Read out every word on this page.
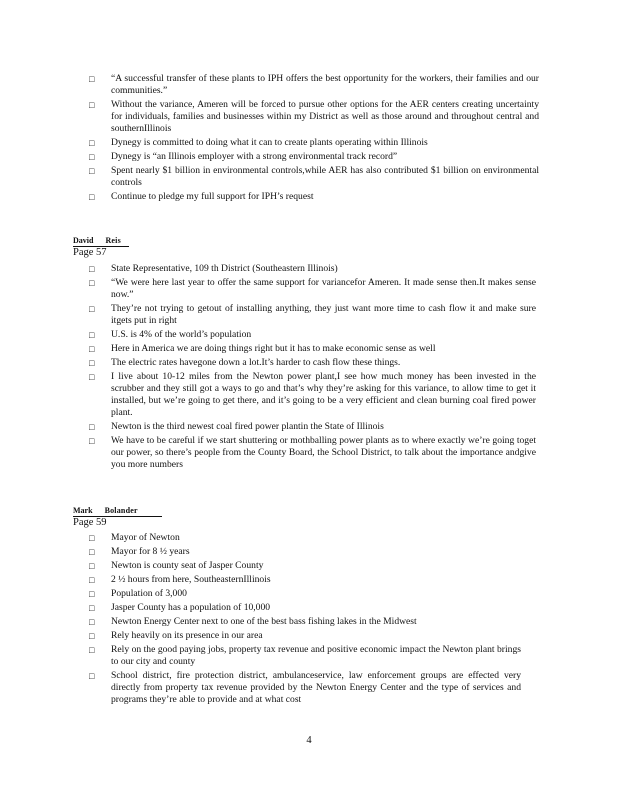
□ “A successful transfer of these plants to IPH offers the best opportunity for the workers, their families and our communities.”
□ Without the variance, Ameren will be forced to pursue other options for the AER centers creating uncertainty for individuals, families and businesses within my District as well as those around and throughout central and southernIllinois
□ Dynegy is committed to doing what it can to create plants operating within Illinois
□ Dynegy is “an Illinois employer with a strong environmental track record”
□ Spent nearly $1 billion in environmental controls,while AER has also contributed $1 billion on environmental controls
□ Continue to pledge my full support for IPH’s request
David Reis
Page 57
□ State Representative, 109 th District (Southeastern Illinois)
□ “We were here last year to offer the same support for variancefor Ameren. It made sense then.It makes sense now.”
□ They’re not trying to getout of installing anything, they just want more time to cash flow it and make sure itgets put in right
□ U.S. is 4% of the world’s population
□ Here in America we are doing things right but it has to make economic sense as well
□ The electric rates havegone down a lot.It’s harder to cash flow these things.
□ I live about 10-12 miles from the Newton power plant,I see how much money has been invested in the scrubber and they still got a ways to go and that’s why they’re asking for this variance, to allow time to get it installed, but we’re going to get there, and it’s going to be a very efficient and clean burning coal fired power plant.
□ Newton is the third newest coal fired power plantin the State of Illinois
□ We have to be careful if we start shuttering or mothballing power plants as to where exactly we’re going toget our power, so there’s people from the County Board, the School District, to talk about the importance andgive you more numbers
Mark Bolander
Page 59
□ Mayor of Newton
□ Mayor for 8 ½ years
□ Newton is county seat of Jasper County
□ 2 ½ hours from here, SoutheasternIllinois
□ Population of 3,000
□ Jasper County has a population of 10,000
□ Newton Energy Center next to one of the best bass fishing lakes in the Midwest
□ Rely heavily on its presence in our area
□ Rely on the good paying jobs, property tax revenue and positive economic impact the Newton plant brings to our city and county
□ School district, fire protection district, ambulanceservice, law enforcement groups are effected very directly from property tax revenue provided by the Newton Energy Center and the type of services and programs they’re able to provide and at what cost
4
